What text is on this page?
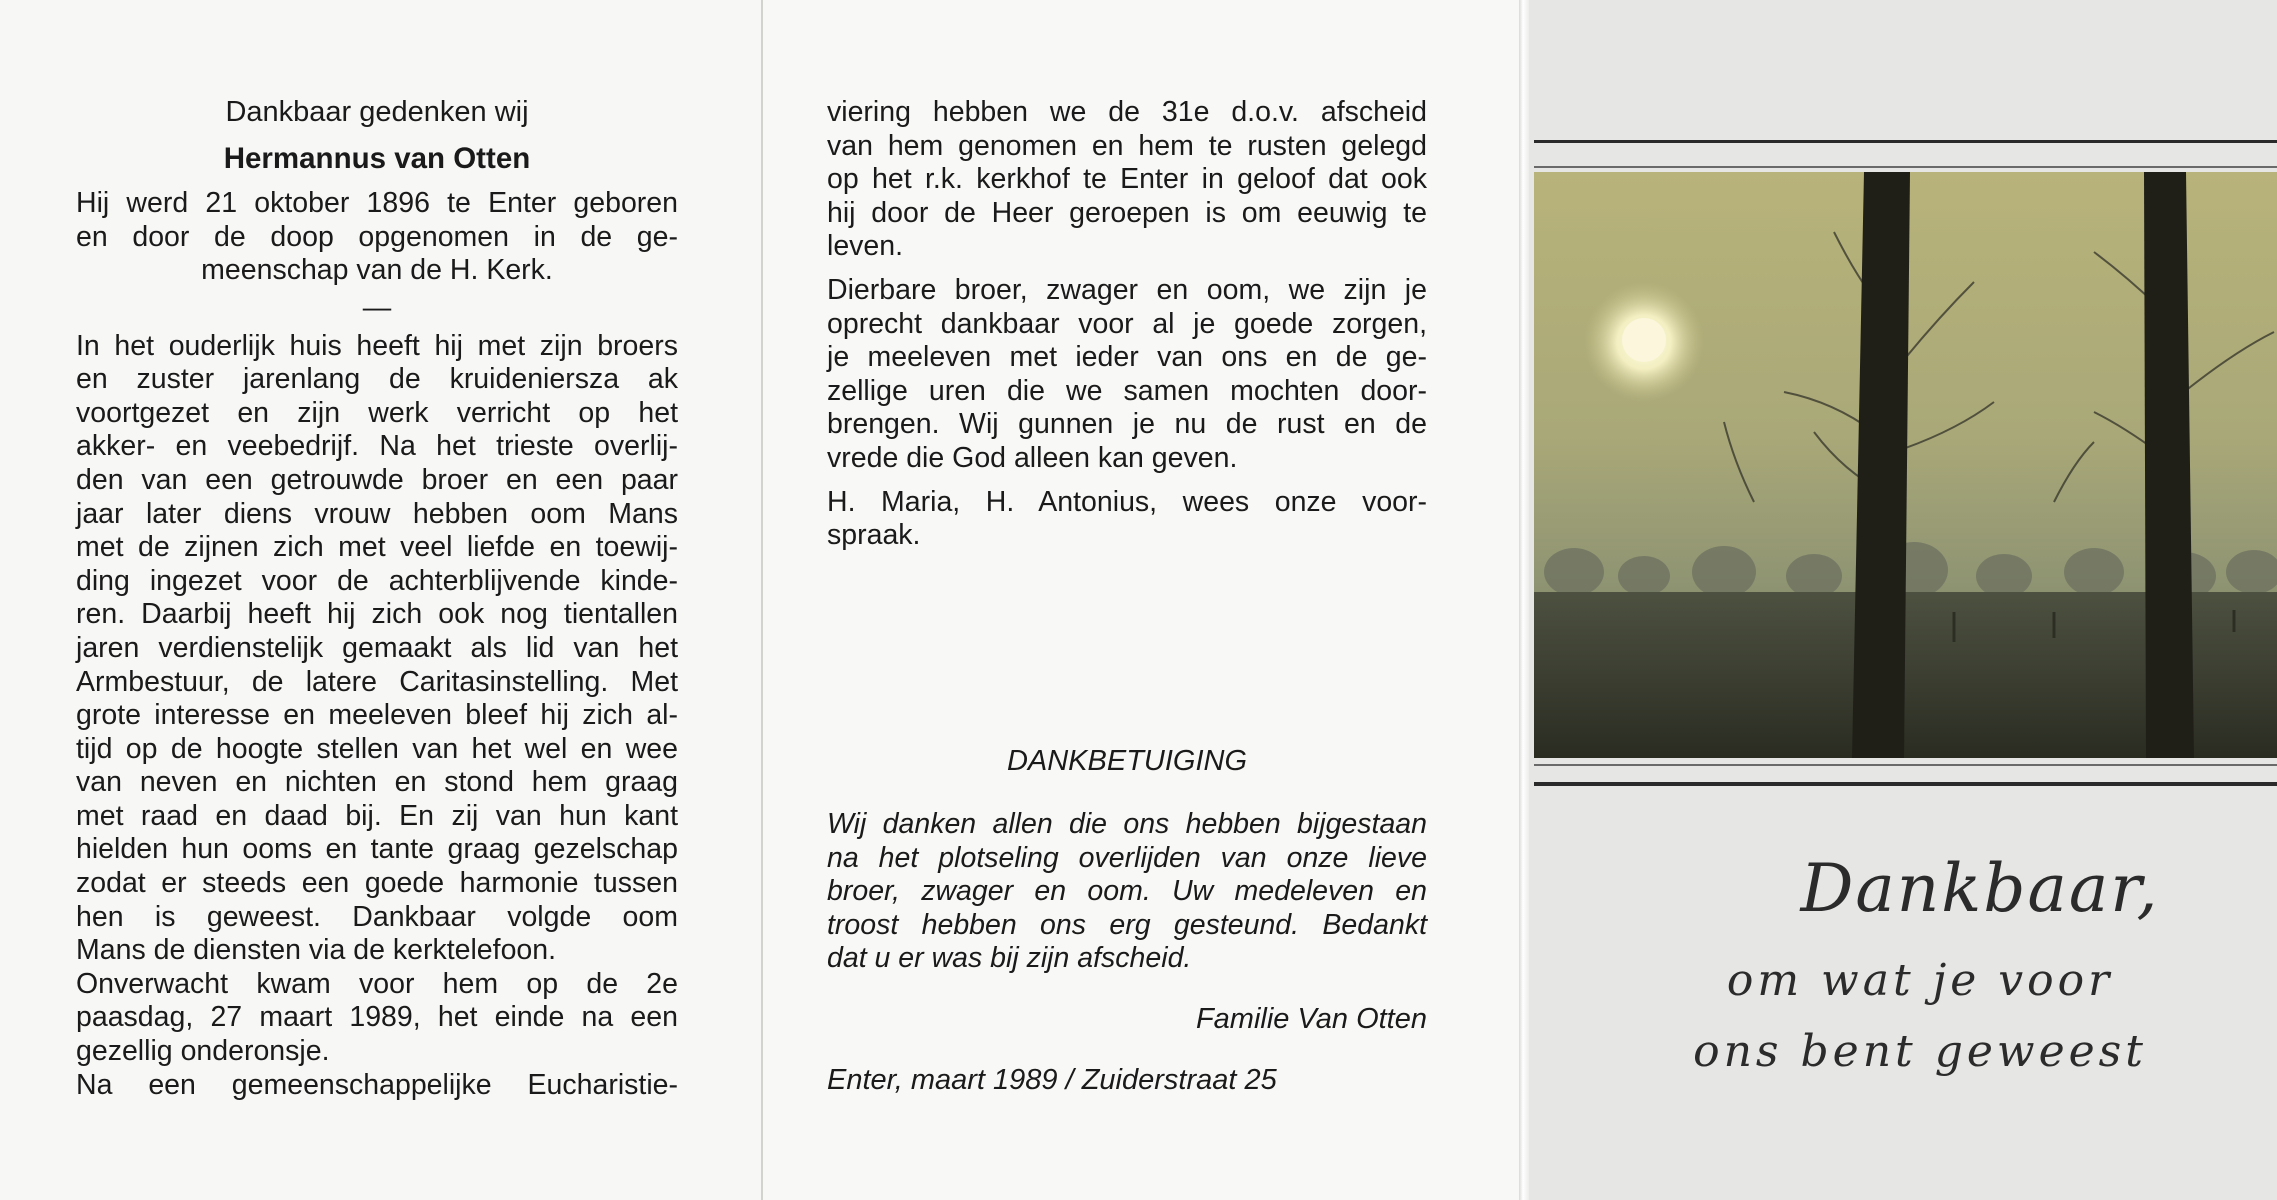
Dankbaar gedenken wij
Hermannus van Otten
Hij werd 21 oktober 1896 te Enter geboren
en door de doop opgenomen in de ge-
meenschap van de H. Kerk.
—
In het ouderlijk huis heeft hij met zijn broers
en zuster jarenlang de kruideniersza ak
voortgezet en zijn werk verricht op het
akker- en veebedrijf. Na het trieste overlij-
den van een getrouwde broer en een paar
jaar later diens vrouw hebben oom Mans
met de zijnen zich met veel liefde en toewij-
ding ingezet voor de achterblijvende kinde-
ren. Daarbij heeft hij zich ook nog tientallen
jaren verdienstelijk gemaakt als lid van het
Armbestuur, de latere Caritasinstelling. Met
grote interesse en meeleven bleef hij zich al-
tijd op de hoogte stellen van het wel en wee
van neven en nichten en stond hem graag
met raad en daad bij. En zij van hun kant
hielden hun ooms en tante graag gezelschap
zodat er steeds een goede harmonie tussen
hen is geweest. Dankbaar volgde oom
Mans de diensten via de kerktelefoon.
Onverwacht kwam voor hem op de 2e
paasdag, 27 maart 1989, het einde na een
gezellig onderonsje.
Na een gemeenschappelijke Eucharistie-
viering hebben we de 31e d.o.v. afscheid
van hem genomen en hem te rusten gelegd
op het r.k. kerkhof te Enter in geloof dat ook
hij door de Heer geroepen is om eeuwig te
leven.
Dierbare broer, zwager en oom, we zijn je
oprecht dankbaar voor al je goede zorgen,
je meeleven met ieder van ons en de ge-
zellige uren die we samen mochten door-
brengen. Wij gunnen je nu de rust en de
vrede die God alleen kan geven.
H. Maria, H. Antonius, wees onze voor-
spraak.
DANKBETUIGING
Wij danken allen die ons hebben bijgestaan
na het plotseling overlijden van onze lieve
broer, zwager en oom. Uw medeleven en
troost hebben ons erg gesteund. Bedankt
dat u er was bij zijn afscheid.
Familie Van Otten
Enter, maart 1989 / Zuiderstraat 25
Dankbaar,
om wat je voor
ons bent geweest
